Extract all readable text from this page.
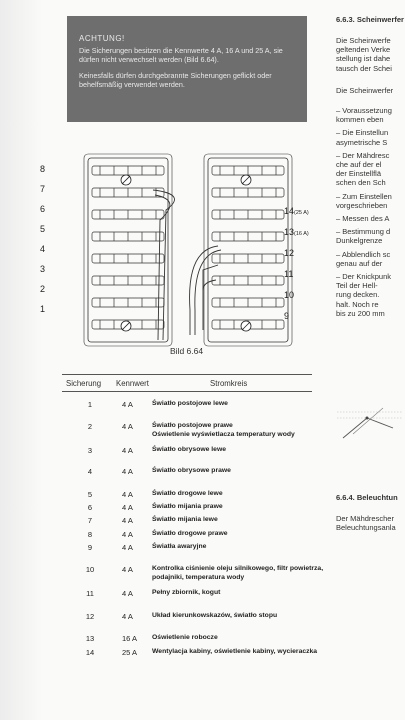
ACHTUNG!

Die Sicherungen besitzen die Kennwerte 4 A, 16 A und 25 A, sie dürfen nicht verwechselt werden (Bild 6.64).

Keinesfalls dürfen durchgebrannte Sicherungen geflickt oder behelfsmäßig verwendet werden.

6.6.3. Scheinwerfer
Die Scheinwerfe
geltenden Verke
stellung ist dahe
tausch der Schei
Die Scheinwerfer
– Voraussetzung
kommen eben
– Die Einstellun
asymetrische S
– Der Mähdresc
che auf der el
der Einstellflä
schen den Sch
– Zum Einstellen
vorgeschrieben
– Messen des A
– Bestimmung d
Dunkelgrenze
– Abblendlich sc
genau auf der
– Der Knickpunk
Teil der Hell-
rung decken.
halt. Noch re
bis zu 200 mm
6.6.4. Beleuchtun
Der Mähdrescher
Beleuchtungsanla
8
7
6
5
4
3
2
1
14(25 A)
13(16 A)
12
11
10
9
Bild 6.64
Sicherung Kennwert	Stromkreis
1	4 A	Światło postojowe lewe
2	4 A	Światło postojowe prawe
Oświetlenie wyświetlacza temperatury wody
3	4 A	Światło obrysowe lewe
4	4 A	Światło obrysowe prawe
5	4 A	Światło drogowe lewe
6	4 A	Światło mijania prawe
7	4 A	Światło mijania lewe
8	4 A	Światło drogowe prawe
9	4 A	Światła awaryjne
10	4 A	Kontrolka ciśnienie oleju silnikowego, filtr powietrza,
podajniki, temperatura wody
11	4 A	Pełny zbiornik, kogut
12	4 A	Układ kierunkowskazów, światło stopu
13	16 A	Oświetlenie robocze
14	25 A	Wentylacja kabiny, oświetlenie kabiny, wycieraczka
